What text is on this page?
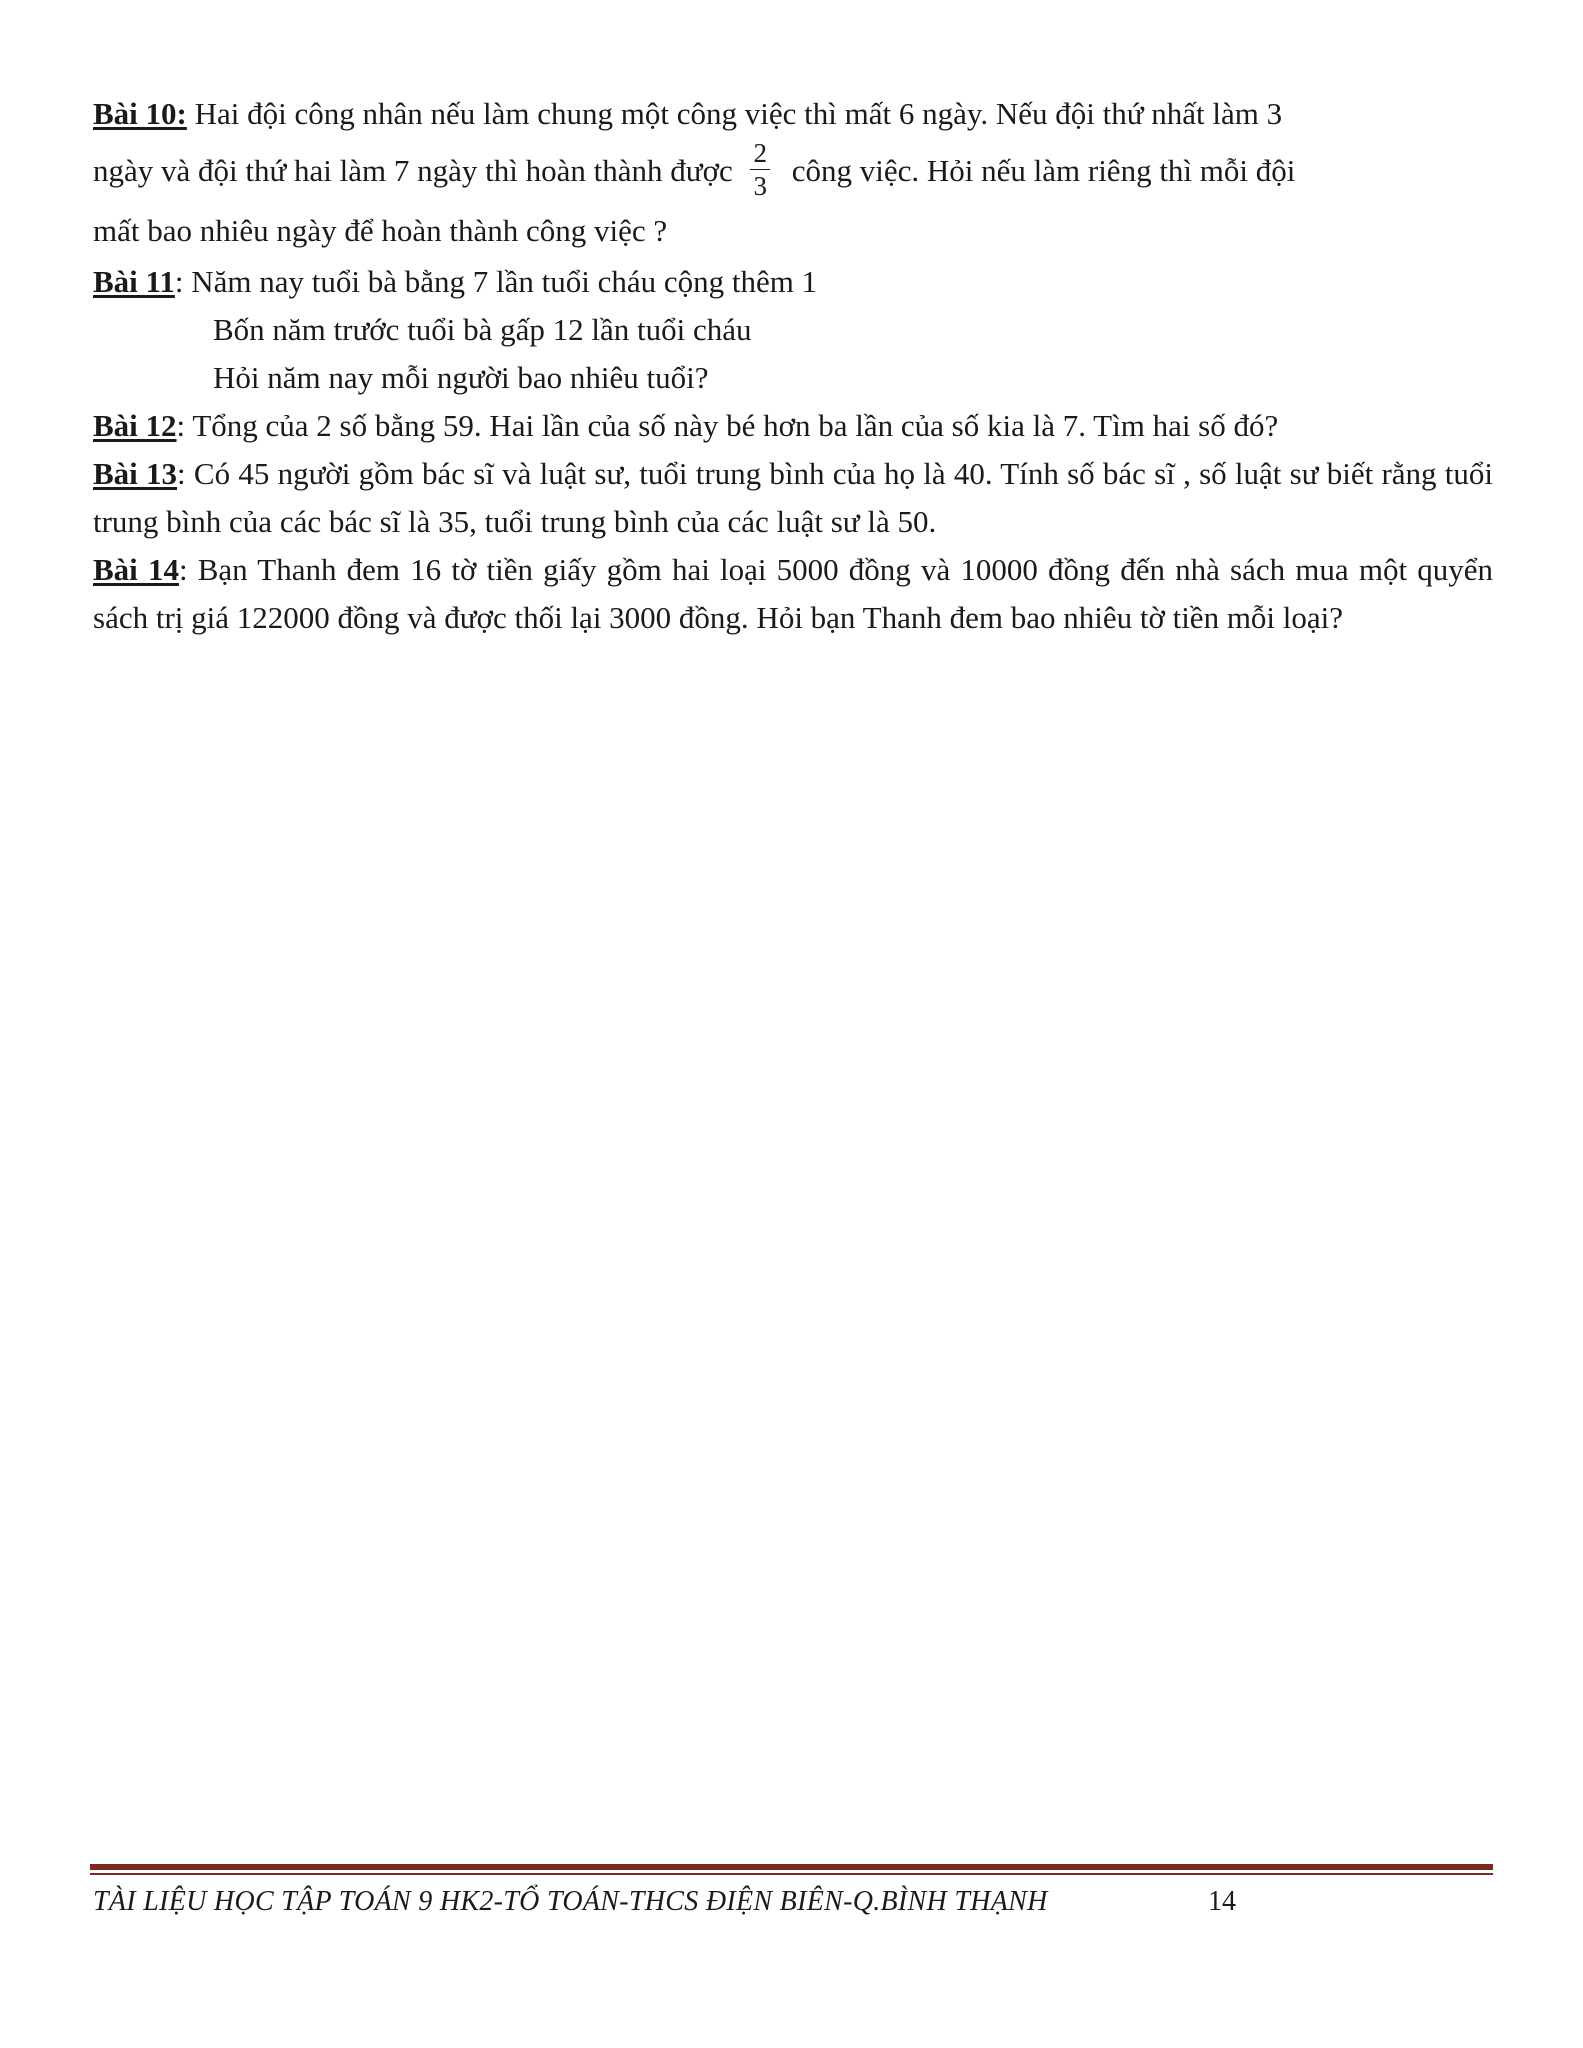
Bài 10: Hai đội công nhân nếu làm chung một công việc thì mất 6 ngày. Nếu đội thứ nhất làm 3
ngày và đội thứ hai làm 7 ngày thì hoàn thành được $\frac{2}{3}$ công việc. Hỏi nếu làm riêng thì mỗi đội
mất bao nhiêu ngày để hoàn thành công việc ?
Bài 11: Năm nay tuổi bà bằng 7 lần tuổi cháu cộng thêm 1
Bốn năm trước tuổi bà gấp 12 lần tuổi cháu
Hỏi năm nay mỗi người bao nhiêu tuổi?

Bài 12: Tổng của 2 số bằng 59. Hai lần của số này bé hơn ba lần của số kia là 7. Tìm hai số đó?

Bài 13: Có 45 người gồm bác sĩ và luật sư, tuổi trung bình của họ là 40. Tính số bác sĩ , số luật sư biết rằng tuổi trung bình của các bác sĩ là 35, tuổi trung bình của các luật sư là 50.

Bài 14: Bạn Thanh đem 16 tờ tiền giấy gồm hai loại 5000 đồng và 10000 đồng đến nhà sách mua một quyển sách trị giá 122000 đồng và được thối lại 3000 đồng. Hỏi bạn Thanh đem bao nhiêu tờ tiền mỗi loại?

TÀI LIỆU HỌC TẬP TOÁN 9 HK2-TỔ TOÁN-THCS ĐIỆN BIÊN-Q.BÌNH THẠNH	14
